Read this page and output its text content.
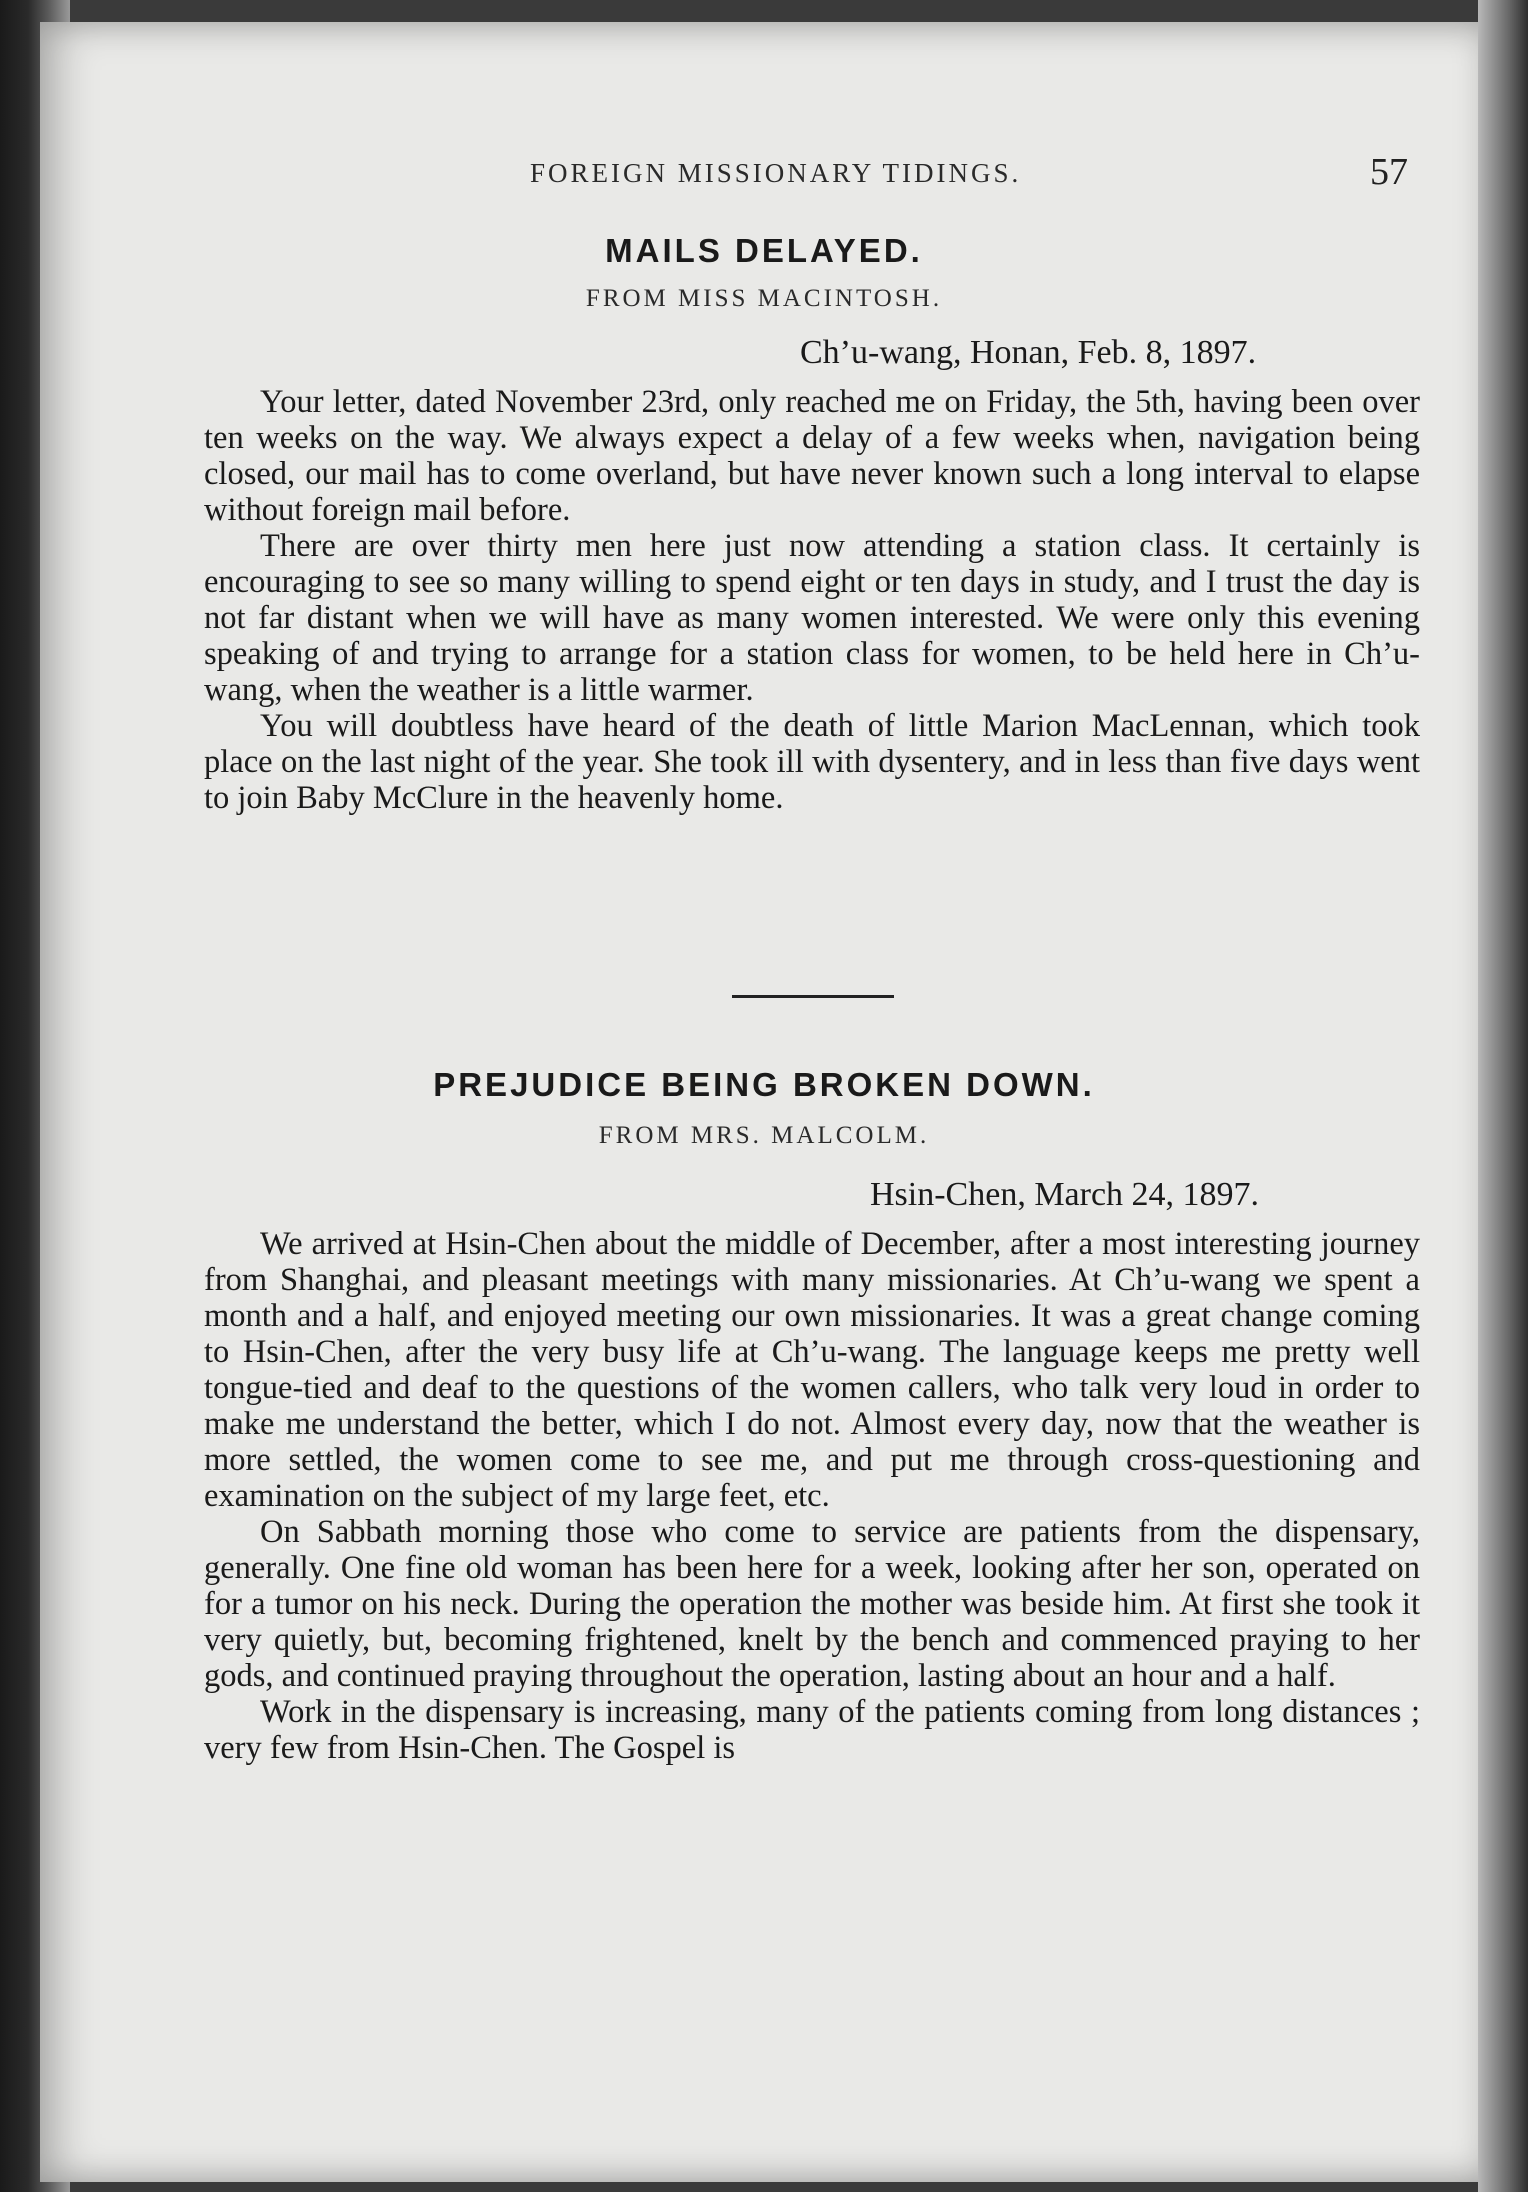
FOREIGN MISSIONARY TIDINGS.	57
MAILS DELAYED.
FROM MISS MACINTOSH.
Ch’u-wang, Honan, Feb. 8, 1897.

Your letter, dated November 23rd, only reached me on Friday, the 5th, having been over ten weeks on the way. We always expect a delay of a few weeks when, navigation being closed, our mail has to come overland, but have never known such a long interval to elapse without foreign mail before.

There are over thirty men here just now attending a station class. It certainly is encouraging to see so many willing to spend eight or ten days in study, and I trust the day is not far distant when we will have as many women interested. We were only this evening speaking of and trying to arrange for a station class for women, to be held here in Ch’u-wang, when the weather is a little warmer.

You will doubtless have heard of the death of little Marion MacLennan, which took place on the last night of the year. She took ill with dysentery, and in less than five days went to join Baby McClure in the heavenly home.

PREJUDICE BEING BROKEN DOWN.
FROM MRS. MALCOLM.
Hsin-Chen, March 24, 1897.

We arrived at Hsin-Chen about the middle of December, after a most interesting journey from Shanghai, and pleasant meetings with many missionaries. At Ch’u-wang we spent a month and a half, and enjoyed meeting our own missionaries. It was a great change coming to Hsin-Chen, after the very busy life at Ch’u-wang. The language keeps me pretty well tongue-tied and deaf to the questions of the women callers, who talk very loud in order to make me understand the better, which I do not. Almost every day, now that the weather is more settled, the women come to see me, and put me through cross-questioning and examination on the subject of my large feet, etc.

On Sabbath morning those who come to service are patients from the dispensary, generally. One fine old woman has been here for a week, looking after her son, operated on for a tumor on his neck. During the operation the mother was beside him. At first she took it very quietly, but, becoming frightened, knelt by the bench and commenced praying to her gods, and continued praying throughout the operation, lasting about an hour and a half.

Work in the dispensary is increasing, many of the patients coming from long distances ; very few from Hsin-Chen. The Gospel is
